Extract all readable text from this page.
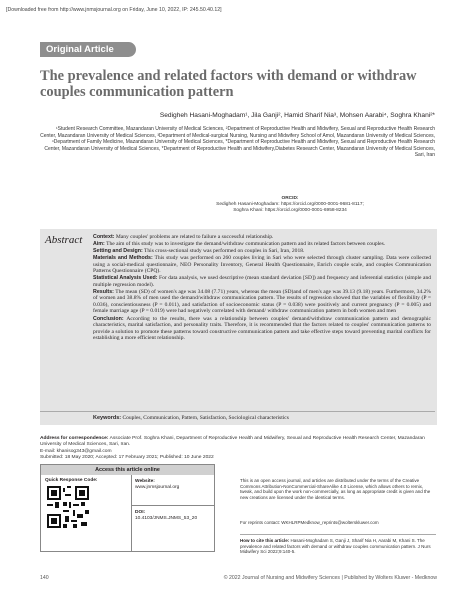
[Downloaded free from http://www.jnmsjournal.org on Friday, June 10, 2022, IP: 245.50.40.12]
Original Article
The prevalence and related factors with demand or withdraw couples communication pattern
Sedigheh Hasani-Moghadam¹, Jila Ganji², Hamid Sharif Nia³, Mohsen Aarabi⁴, Soghra Khani²*
¹Student Research Committee, Mazandaran University of Medical Sciences, ²Department of Reproductive Health and Midwifery, Sexual and Reproductive Health Research Center, Mazandaran University of Medical Sciences, ³Department of Medical-surgical Nursing, Nursing and Midwifery School of Amol, Mazandaran University of Medical Sciences, ⁴Department of Family Medicine, Mazandaran University of Medical Sciences, *Department of Reproductive Health and Midwifery, Sexual and Reproductive Health Research Center, Mazandaran University of Medical Sciences, *Department of Reproductive Health and Midwifery,Diabetes Research Center, Mazandaran University of Medical Sciences, Sari, Iran
ORCID:
Sedigheh Hasani-Moghadam: https://orcid.org/0000-0001-9681-8117;
Soghra Khani: https://orcid.org/0000-0001-6958-8234
Abstract Context: Many couples' problems are related to failure a successful relationship.

Aim: The aim of this study was to investigate the demand/withdraw communication pattern and its related factors between couples.

Setting and Design: This cross-sectional study was performed on couples in Sari, Iran, 2018.

Materials and Methods: This study was performed on 260 couples living in Sari who were selected through cluster sampling. Data were collected using a social-medical questionnaire, NEO Personality Inventory, General Health Questionnaire, Enrich couple scale, and couples Communication Patterns Questionnaire (CPQ).

Statistical Analysis Used: For data analysis, we used descriptive (mean standard deviation [SD]) and frequency and inferential statistics (simple and multiple regression model).

Results: The mean (SD) of women's age was 34.08 (7.71) years, whereas the mean (SD)and of men's age was 39.13 (9.18) years. Furthermore, 34.2% of women and 38.8% of men used the demand/withdraw communication pattern. The results of regression showed that the variables of flexibility (P = 0.036), conscientiousness (P = 0.011), and satisfaction of socioeconomic status (P = 0.038) were positively and current pregnancy (P = 0.005) and female marriage age (P = 0.019) were had negatively correlated with demand/ withdraw communication pattern in both women and men

Conclusion: According to the results, there was a relationship between couples' demand/withdraw communication pattern and demographic characteristics, marital satisfaction, and personality traits. Therefore, it is recommended that the factors related to couples' communication patterns to provide a solution to promote these patterns toward constructive communication pattern and take effective steps toward preventing marital conflicts for establishing a more efficient relationship.

Keywords: Couples, Communication, Pattern, Satisfaction, Sociological characteristics
Address for correspondence: Associate Prof. Soghra Khani, Department of Reproductive Health and Midwifery, Sexual and Reproductive Health Research Center, Mazandaran University of Medical Sciences, Sari, Iran.
E-mail: khanisog343@gmail.com
Submitted: 18 May 2020; Accepted: 17 February 2021; Published: 10 June 2022
Access this article online
Quick Response Code:	Website:
www.jnmsjournal.org
DOI:
10.4103/JNMS.JNMS_53_20
This is an open access journal, and articles are distributed under the terms of the Creative Commons Attribution-NonCommercial-ShareAlike 4.0 License, which allows others to remix, tweak, and build upon the work non-commercially, as long as appropriate credit is given and the new creations are licensed under the identical terms.
For reprints contact: WKHLRPMedknow_reprints@wolterskluwer.com
How to cite this article: Hasani-Moghadam S, Ganji J, Sharif Nia H, Aarabi M, Khani S. The prevalence and related factors with demand or withdraw couples communication pattern. J Nurs Midwifery Sci 2022;9:140-5.
140	© 2022 Journal of Nursing and Midwifery Sciences | Published by Wolters Kluwer - Medknow
